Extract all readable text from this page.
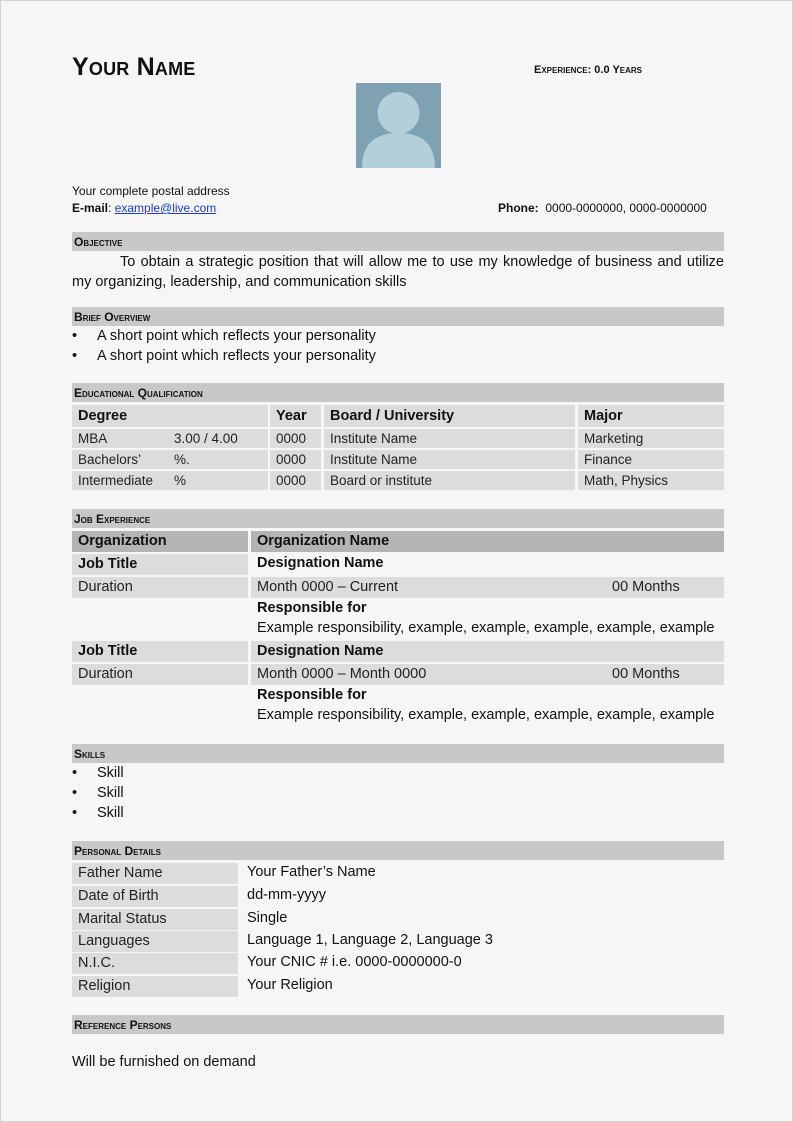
Your Name	Experience: 0.0 Years
Your complete postal address
E-mail: example@live.com	Phone: 0000-0000000, 0000-0000000
Objective
To obtain a strategic position that will allow me to use my knowledge of business and utilize my organizing, leadership, and communication skills
Brief Overview
• A short point which reflects your personality
• A short point which reflects your personality
Educational Qualification
Degree	Year	Board / University	Major
MBA	3.00 / 4.00	0000	Institute Name	Marketing
Bachelors’ %.	0000	Institute Name	Finance
Intermediate %	0000	Board or institute	Math, Physics
Job Experience
Organization	Organization Name
Job Title	Designation Name
Duration	Month 0000 – Current	00 Months
Responsible for
Example responsibility, example, example, example, example, example
Job Title	Designation Name
Duration	Month 0000 – Month 0000	00 Months
Responsible for
Example responsibility, example, example, example, example, example
Skills
• Skill
• Skill
• Skill
Personal Details
Father Name	Your Father’s Name
Date of Birth	dd-mm-yyyy
Marital Status	Single
Languages	Language 1, Language 2, Language 3
N.I.C.	Your CNIC # i.e. 0000-0000000-0
Religion	Your Religion
Reference Persons
Will be furnished on demand
